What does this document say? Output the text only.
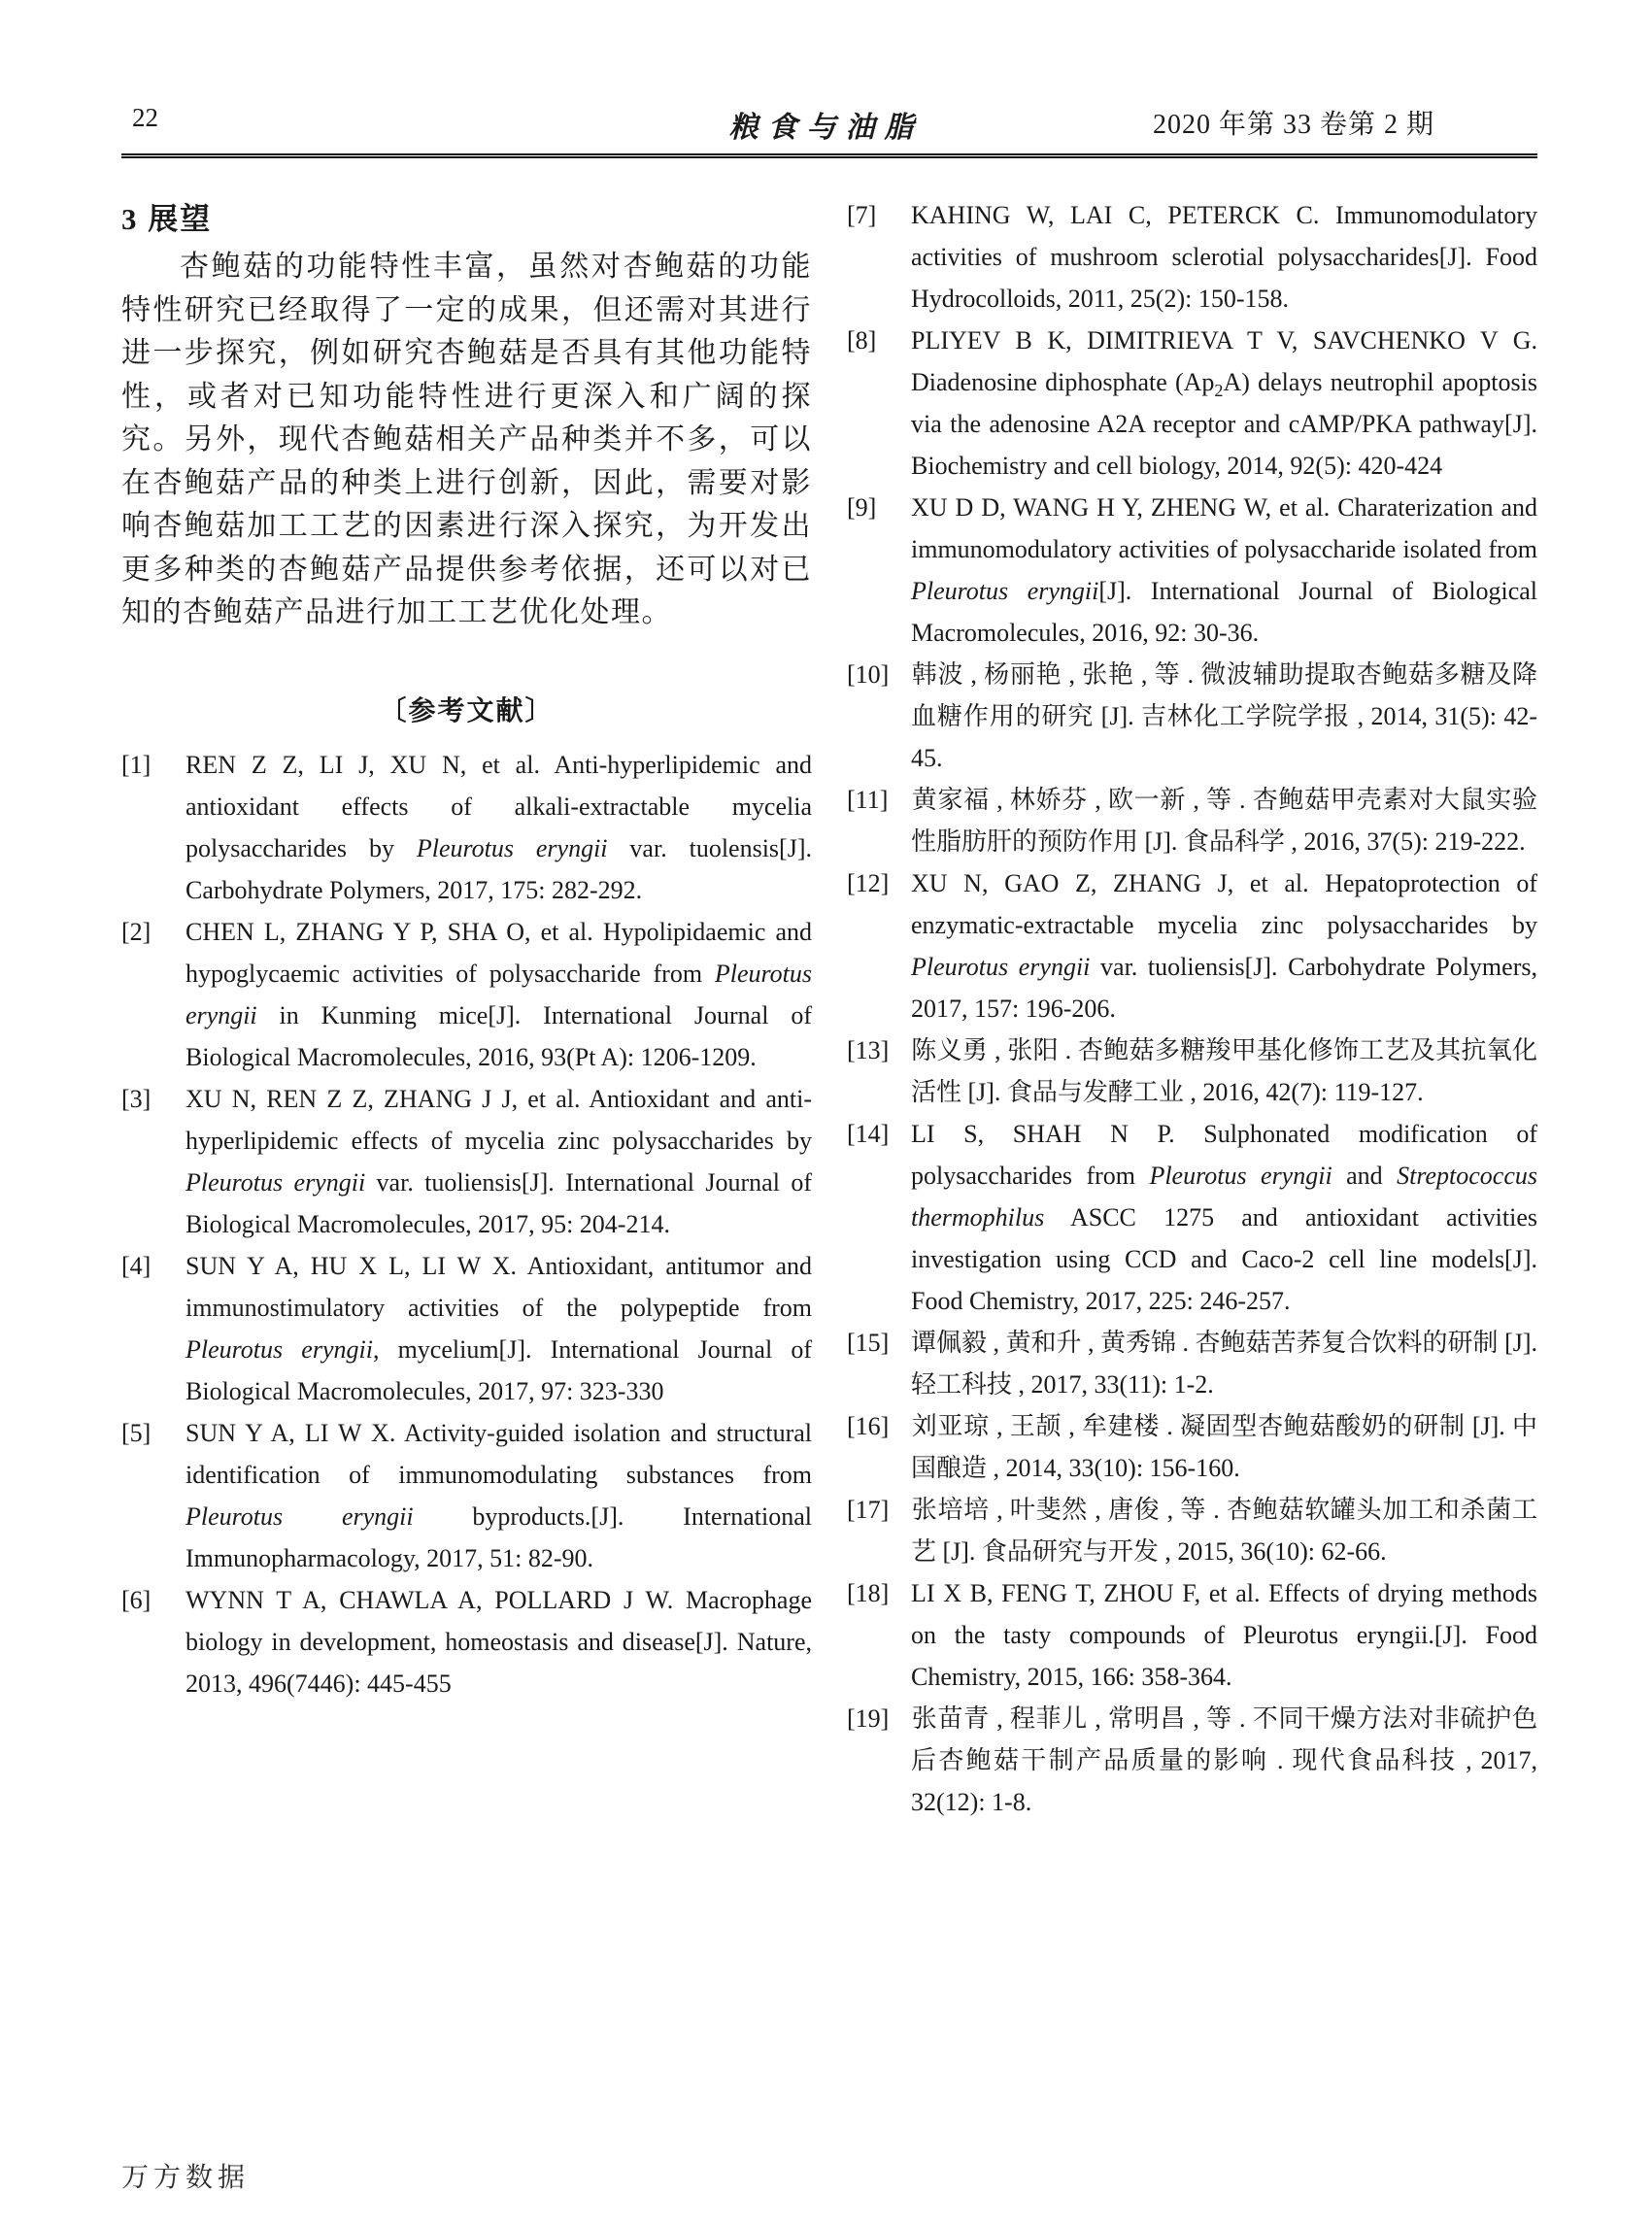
22	粮食与油脂	2020 年第 33 卷第 2 期
3 展望

杏鲍菇的功能特性丰富，虽然对杏鲍菇的功能特性研究已经取得了一定的成果，但还需对其进行进一步探究，例如研究杏鲍菇是否具有其他功能特性，或者对已知功能特性进行更深入和广阔的探究。另外，现代杏鲍菇相关产品种类并不多，可以在杏鲍菇产品的种类上进行创新，因此，需要对影响杏鲍菇加工工艺的因素进行深入探究，为开发出更多种类的杏鲍菇产品提供参考依据，还可以对已知的杏鲍菇产品进行加工工艺优化处理。

〔参考文献〕
[1] REN Z Z, LI J, XU N, et al. Anti-hyperlipidemic and antioxidant effects of alkali-extractable mycelia polysaccharides by Pleurotus eryngii var. tuolensis[J]. Carbohydrate Polymers, 2017, 175: 282-292.
[2] CHEN L, ZHANG Y P, SHA O, et al. Hypolipidaemic and hypoglycaemic activities of polysaccharide from Pleurotus eryngii in Kunming mice[J]. International Journal of Biological Macromolecules, 2016, 93(Pt A): 1206-1209.
[3] XU N, REN Z Z, ZHANG J J, et al. Antioxidant and anti-hyperlipidemic effects of mycelia zinc polysaccharides by Pleurotus eryngii var. tuoliensis[J]. International Journal of Biological Macromolecules, 2017, 95: 204-214.
[4] SUN Y A, HU X L, LI W X. Antioxidant, antitumor and immunostimulatory activities of the polypeptide from Pleurotus eryngii, mycelium[J]. International Journal of Biological Macromolecules, 2017, 97: 323-330
[5] SUN Y A, LI W X. Activity-guided isolation and structural identification of immunomodulating substances from Pleurotus eryngii byproducts.[J]. International Immunopharmacology, 2017, 51: 82-90.
[6] WYNN T A, CHAWLA A, POLLARD J W. Macrophage biology in development, homeostasis and disease[J]. Nature, 2013, 496(7446): 445-455
[7] KAHING W, LAI C, PETERCK C. Immunomodulatory activities of mushroom sclerotial polysaccharides[J]. Food Hydrocolloids, 2011, 25(2): 150-158.
[8] PLIYEV B K, DIMITRIEVA T V, SAVCHENKO V G. Diadenosine diphosphate $(Ap_2A)$ delays neutrophil apoptosis via the adenosine A2A receptor and cAMP/PKA pathway[J]. Biochemistry and cell biology, 2014, 92(5): 420-424
[9] XU D D, WANG H Y, ZHENG W, et al. Charaterization and immunomodulatory activities of polysaccharide isolated from Pleurotus eryngii[J]. International Journal of Biological Macromolecules, 2016, 92: 30-36.
[10] 韩波 , 杨丽艳 , 张艳 , 等 . 微波辅助提取杏鲍菇多糖及降血糖作用的研究 [J]. 吉林化工学院学报 , 2014, 31(5): 42-45.
[11] 黄家福 , 林娇芬 , 欧一新 , 等 . 杏鲍菇甲壳素对大鼠实验性脂肪肝的预防作用 [J]. 食品科学 , 2016, 37(5): 219-222.
[12] XU N, GAO Z, ZHANG J, et al. Hepatoprotection of enzymatic-extractable mycelia zinc polysaccharides by Pleurotus eryngii var. tuoliensis[J]. Carbohydrate Polymers, 2017, 157: 196-206.
[13] 陈义勇 , 张阳 . 杏鲍菇多糖羧甲基化修饰工艺及其抗氧化活性 [J]. 食品与发酵工业 , 2016, 42(7): 119-127.
[14] LI S, SHAH N P. Sulphonated modification of polysaccharides from Pleurotus eryngii and Streptococcus thermophilus ASCC 1275 and antioxidant activities investigation using CCD and Caco-2 cell line models[J]. Food Chemistry, 2017, 225: 246-257.
[15] 谭佩毅 , 黄和升 , 黄秀锦 . 杏鲍菇苦荞复合饮料的研制 [J]. 轻工科技 , 2017, 33(11): 1-2.
[16] 刘亚琼 , 王颉 , 牟建楼 . 凝固型杏鲍菇酸奶的研制 [J]. 中国酿造 , 2014, 33(10): 156-160.
[17] 张培培 , 叶斐然 , 唐俊 , 等 . 杏鲍菇软罐头加工和杀菌工艺 [J]. 食品研究与开发 , 2015, 36(10): 62-66.
[18] LI X B, FENG T, ZHOU F, et al. Effects of drying methods on the tasty compounds of Pleurotus eryngii.[J]. Food Chemistry, 2015, 166: 358-364.
[19] 张苗青 , 程菲儿 , 常明昌 , 等 . 不同干燥方法对非硫护色后杏鲍菇干制产品质量的影响 . 现代食品科技 , 2017, 32(12): 1-8.
万方数据
